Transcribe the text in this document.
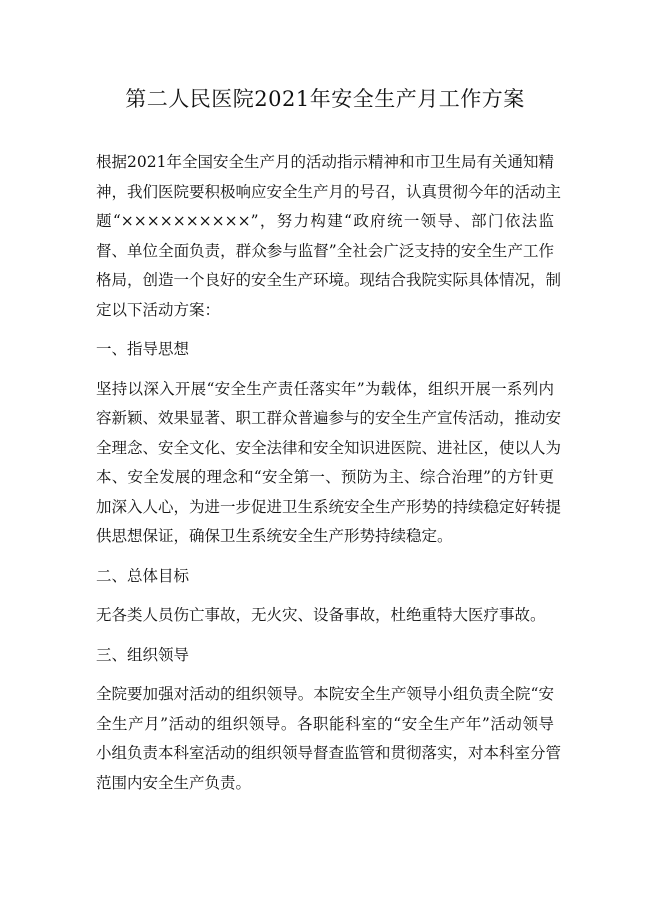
第二人民医院2021年安全生产月工作方案

根据2021年全国安全生产月的活动指示精神和市卫生局有关通知精
神，我们医院要积极响应安全生产月的号召，认真贯彻今年的活动主
题“××××××××××”，努力构建“政府统一领导、部门依法监
督、单位全面负责，群众参与监督”全社会广泛支持的安全生产工作
格局，创造一个良好的安全生产环境。现结合我院实际具体情况，制
定以下活动方案：

一、指导思想

坚持以深入开展“安全生产责任落实年”为载体，组织开展一系列内
容新颖、效果显著、职工群众普遍参与的安全生产宣传活动，推动安
全理念、安全文化、安全法律和安全知识进医院、进社区，使以人为
本、安全发展的理念和“安全第一、预防为主、综合治理”的方针更
加深入人心，为进一步促进卫生系统安全生产形势的持续稳定好转提
供思想保证，确保卫生系统安全生产形势持续稳定。

二、总体目标

无各类人员伤亡事故，无火灾、设备事故，杜绝重特大医疗事故。

三、组织领导

全院要加强对活动的组织领导。本院安全生产领导小组负责全院“安
全生产月”活动的组织领导。各职能科室的“安全生产年”活动领导
小组负责本科室活动的组织领导督查监管和贯彻落实，对本科室分管
范围内安全生产负责。
